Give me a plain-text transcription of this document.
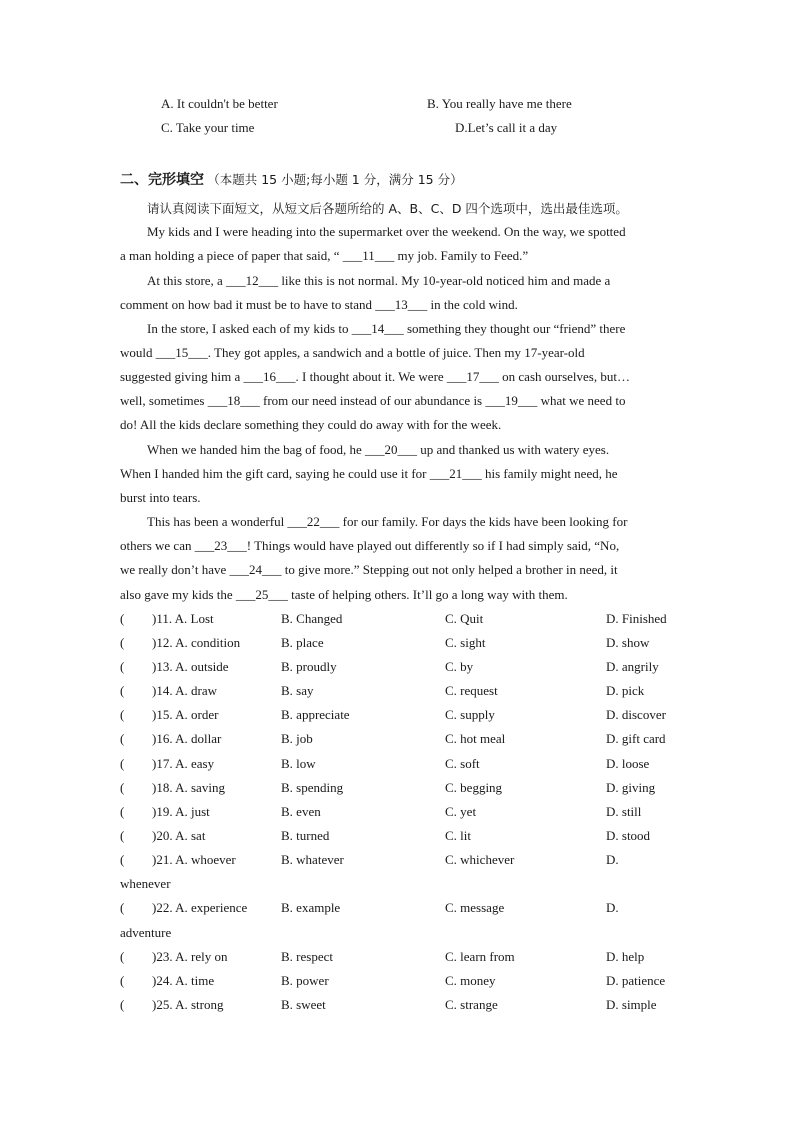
A. It couldn't be better	B. You really have me there
C. Take your time	D.Let’s call it a day
二、完形填空 （本题共 15 小题;每小题 1 分，满分 15 分）
请认真阅读下面短文，从短文后各题所给的 A、B、C、D 四个选项中，选出最佳选项。
My kids and I were heading into the supermarket over the weekend. On the way, we spotted
a man holding a piece of paper that said, “ ___11___ my job. Family to Feed.”
At this store, a ___12___ like this is not normal. My 10-year-old noticed him and made a
comment on how bad it must be to have to stand ___13___ in the cold wind.
In the store, I asked each of my kids to ___14___ something they thought our “friend” there
would ___15___. They got apples, a sandwich and a bottle of juice. Then my 17-year-old
suggested giving him a ___16___. I thought about it. We were ___17___ on cash ourselves, but…
well, sometimes ___18___ from our need instead of our abundance is ___19___ what we need to
do! All the kids declare something they could do away with for the week.
When we handed him the bag of food, he ___20___ up and thanked us with watery eyes.
When I handed him the gift card, saying he could use it for ___21___ his family might need, he
burst into tears.
This has been a wonderful ___22___ for our family. For days the kids have been looking for
others we can ___23___! Things would have played out differently so if I had simply said, “No,
we really don’t have ___24___ to give more.” Stepping out not only helped a brother in need, it
also gave my kids the ___25___ taste of helping others. It’ll go a long way with them.
( )11. A. Lost	B. Changed	C. Quit	D. Finished
( )12. A. condition	B. place	C. sight	D. show
( )13. A. outside	B. proudly	C. by	D. angrily
( )14. A. draw	B. say	C. request	D. pick
( )15. A. order	B. appreciate	C. supply	D. discover
( )16. A. dollar	B. job	C. hot meal	D. gift card
( )17. A. easy	B. low	C. soft	D. loose
( )18. A. saving	B. spending	C. begging	D. giving
( )19. A. just	B. even	C. yet	D. still
( )20. A. sat	B. turned	C. lit	D. stood
( )21. A. whoever	B. whatever	C. whichever	D.
whenever
( )22. A. experience	B. example	C. message	D.
adventure
( )23. A. rely on	B. respect	C. learn from	D. help
( )24. A. time	B. power	C. money	D. patience
( )25. A. strong	B. sweet	C. strange	D. simple
